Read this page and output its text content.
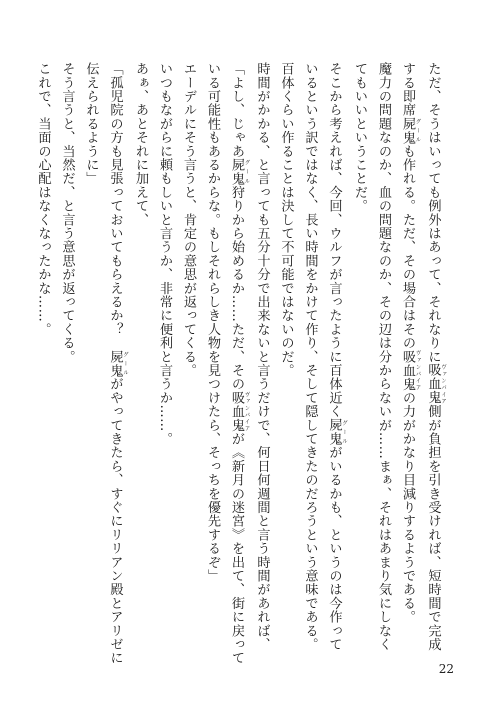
ただ、そうはいっても例外はあって、それなりに吸血鬼 ヴァンパイア側が負担を引き受ければ、短時間で完成
する即席屍鬼 グールも作れる。ただ、その場合はその吸血鬼 ヴァンパイアの力がかなり目減りするようである。
魔力の問題なのか、血の問題なのか、その辺は分からないが……まぁ、それはあまり気にしなく
てもいいということだ。
そこから考えれば、今回、ウルフが言ったように百体近く屍鬼 グールがいるかも、というのは今作って
いるという訳ではなく、長い時間をかけて作り、そして隠してきたのだろうという意味である。
百体くらい作ることは決して不可能ではないのだ。
時間がかかる、と言っても五分十分で出来ないと言うだけで、何日何週間と言う時間があれば、
「よし、じゃあ屍鬼 グール狩りから始めるか……ただ、その吸血鬼 ヴァンパイアが《新月の迷宮》を出て、街に戻って
いる可能性もあるからな。もしそれらしき人物を見つけたら、そっちを優先するぞ」
エーデルにそう言うと、肯定の意思が返ってくる。
いつもながらに頼もしいと言うか、非常に便利と言うか……。
あぁ、あとそれに加えて、
「孤児院の方も見張っておいてもらえるか？　屍鬼 グールがやってきたら、すぐにリリアン殿とアリゼに
伝えられるように」
そう言うと、当然だ、と言う意思が返ってくる。
これで、当面の心配はなくなったかな……。
22
